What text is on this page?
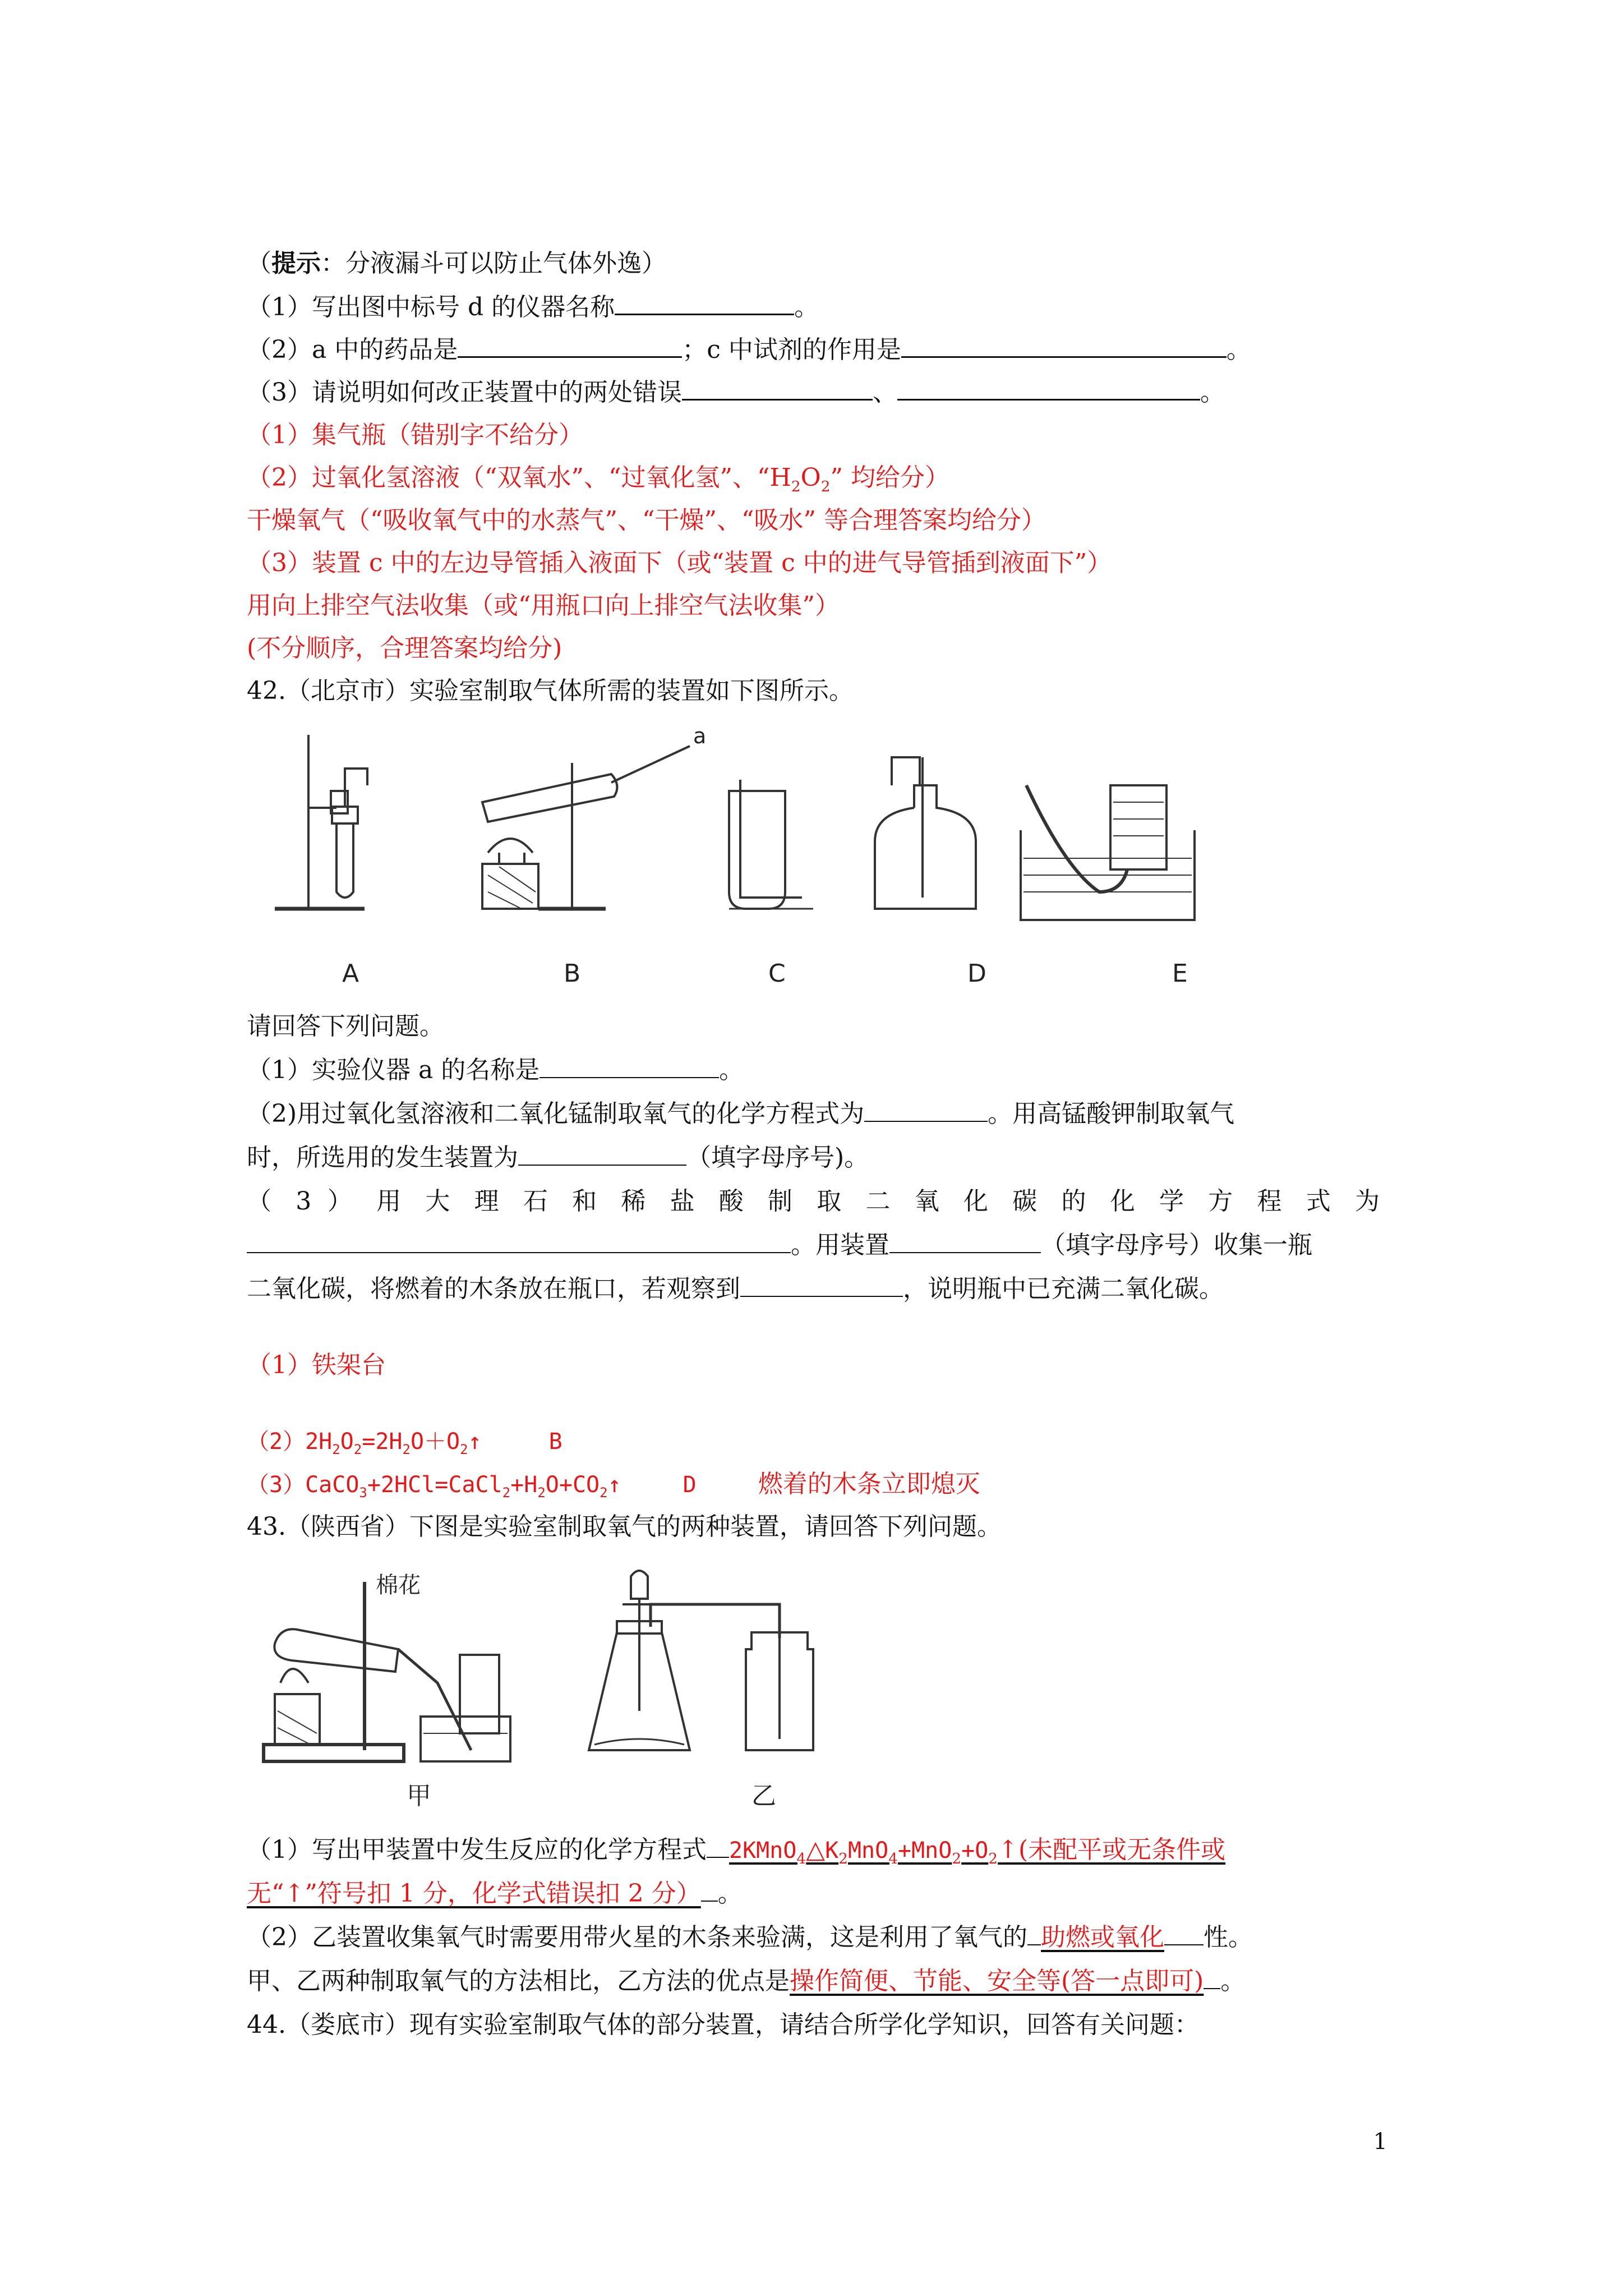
（提示：分液漏斗可以防止气体外逸）
（1）写出图中标号 d 的仪器名称	。
（2）a 中的药品是	；c 中试剂的作用是	。
（3）请说明如何改正装置中的两处错误	、	。
（1）集气瓶（错别字不给分）
（2）过氧化氢溶液（“双氧水”、“过氧化氢”、“$H_2O_2$” 均给分）
干燥氧气（“吸收氧气中的水蒸气”、“干燥”、“吸水” 等合理答案均给分）
（3）装置 c 中的左边导管插入液面下（或“装置 c 中的进气导管插到液面下”）
用向上排空气法收集（或“用瓶口向上排空气法收集”）
(不分顺序，合理答案均给分)
42.（北京市）实验室制取气体所需的装置如下图所示。
A	B	C	D	E
a
请回答下列问题。
（1）实验仪器 a 的名称是	。
（2)用过氧化氢溶液和二氧化锰制取氧气的化学方程式为	。用高锰酸钾制取氧气
时，所选用的发生装置为	（填字母序号)。
（ 3 ） 用 大 理 石 和 稀 盐 酸 制 取 二 氧 化 碳 的 化 学 方 程 式 为
。用装置	（填字母序号）收集一瓶
二氧化碳，将燃着的木条放在瓶口，若观察到	，说明瓶中已充满二氧化碳。
（1）铁架台
$(2)2H_2O_2=2H_2O+O_2↑$	B
$(3)CaCO_3+2HCl=CaCl_2+H_2O+CO_2↑$	D	燃着的木条立即熄灭
43.（陕西省）下图是实验室制取氧气的两种装置，请回答下列问题。
棉花
甲	乙
（1）写出甲装置中发生反应的化学方程式 $2KMnO_4\triangle K_2MnO_4+MnO_2+O_2↑$(未配平或无条件或
无“↑”符号扣 1 分，化学式错误扣 2 分） 。
（2）乙装置收集氧气时需要用带火星的木条来验满，这是利用了氧气的 助燃或氧化 性。
甲、乙两种制取氧气的方法相比，乙方法的优点是操作简便、节能、安全等(答一点即可) 。
44.（娄底市）现有实验室制取气体的部分装置，请结合所学化学知识，回答有关问题：
1
